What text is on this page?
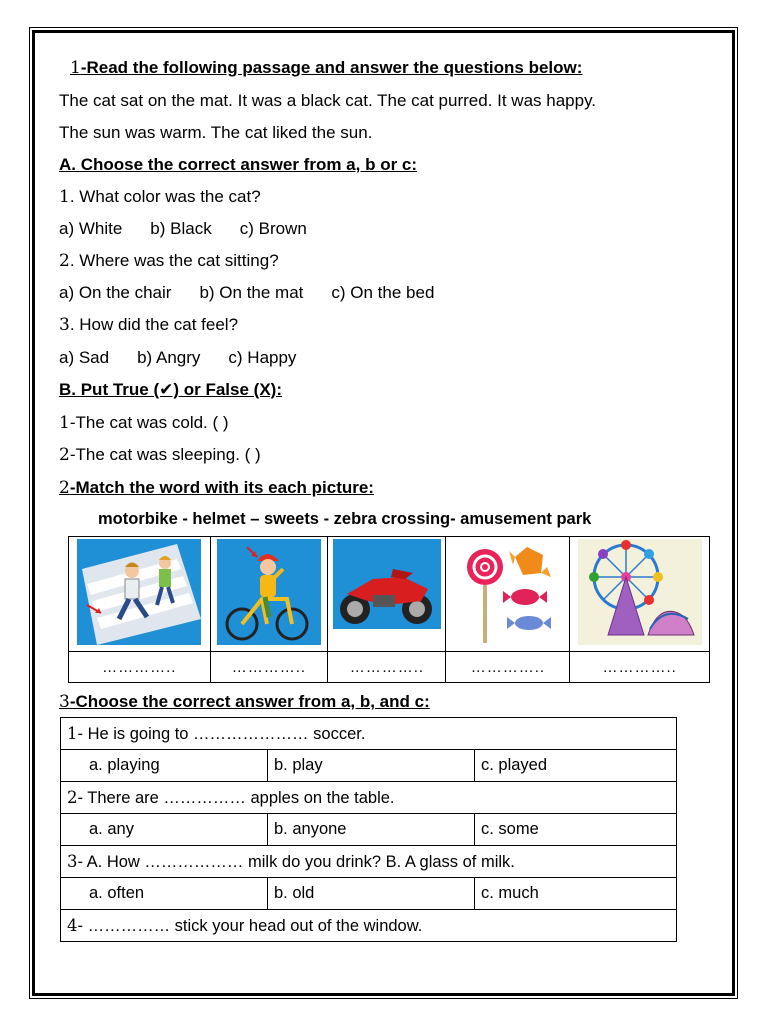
1-Read the following passage and answer the questions below:
The cat sat on the mat. It was a black cat. The cat purred. It was happy.
The sun was warm. The cat liked the sun.
A. Choose the correct answer from a, b or c:
1. What color was the cat?
a) White b) Black c) Brown
2. Where was the cat sitting?
a) On the chair b) On the mat c) On the bed
3. How did the cat feel?
a) Sad b) Angry c) Happy
B. Put True (✔) or False (X):
1-The cat was cold. ( )
2-The cat was sleeping. ( )
2-Match the word with its each picture:
motorbike - helmet – sweets - zebra crossing- amusement park

…………..	…………..	…………..	…………..	…………..
3-Choose the correct answer from a, b, and c:
1- He is going to ………………… soccer.		
a. playing	b. play	c. played
2- There are …………… apples on the table.		
a. any	b. anyone	c. some
3- A. How ……………… milk do you drink? B. A glass of milk.		
a. often	b. old	c. much
4- …………… stick your head out of the window.		
